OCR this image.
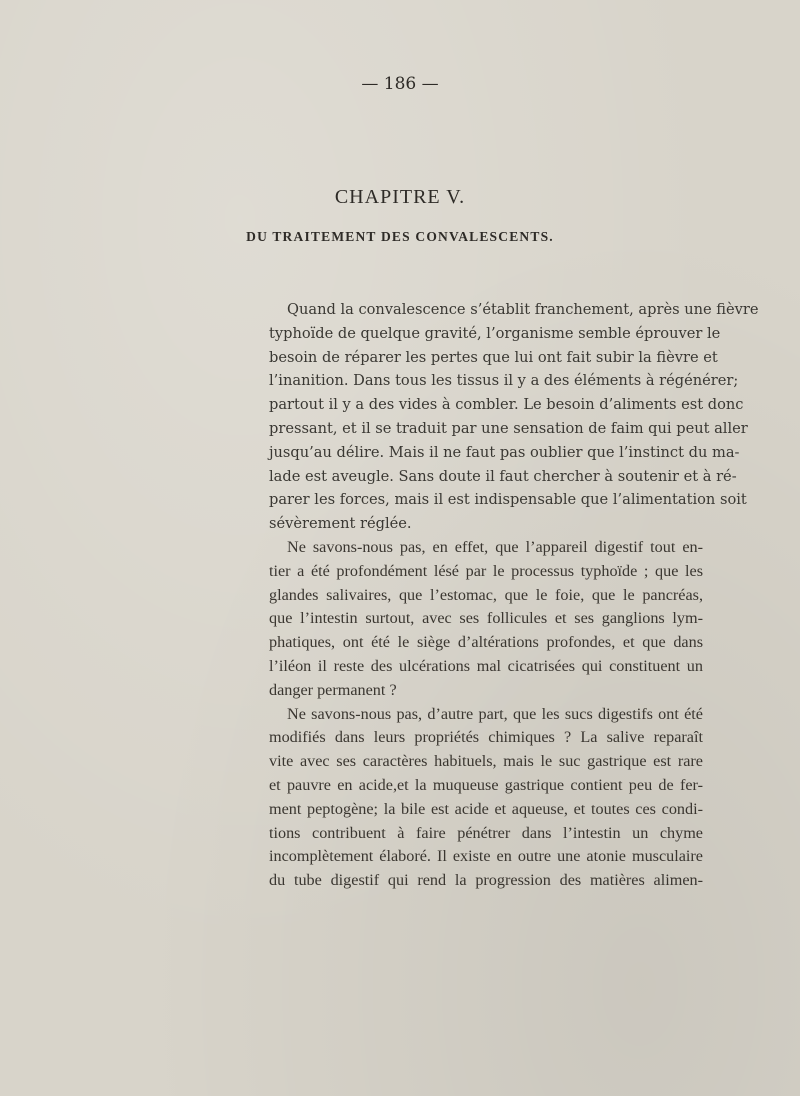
— 186 —
CHAPITRE V.
DU TRAITEMENT DES CONVALESCENTS.
Quand la convalescence s’établit franchement, après une fièvre
typhoïde de quelque gravité, l’organisme semble éprouver le
besoin de réparer les pertes que lui ont fait subir la fièvre et
l’inanition. Dans tous les tissus il y a des éléments à régénérer;
partout il y a des vides à combler. Le besoin d’aliments est donc
pressant, et il se traduit par une sensation de faim qui peut aller
jusqu’au délire. Mais il ne faut pas oublier que l’instinct du ma-
lade est aveugle. Sans doute il faut chercher à soutenir et à ré-
parer les forces, mais il est indispensable que l’alimentation soit
sévèrement réglée.
Ne savons-nous pas, en effet, que l’appareil digestif tout en-
tier a été profondément lésé par le processus typhoïde ; que les
glandes salivaires, que l’estomac, que le foie, que le pancréas,
que l’intestin surtout, avec ses follicules et ses ganglions lym-
phatiques, ont été le siège d’altérations profondes, et que dans
l’iléon il reste des ulcérations mal cicatrisées qui constituent un
danger permanent ?
Ne savons-nous pas, d’autre part, que les sucs digestifs ont été
modifiés dans leurs propriétés chimiques ? La salive reparaît
vite avec ses caractères habituels, mais le suc gastrique est rare
et pauvre en acide,et la muqueuse gastrique contient peu de fer-
ment peptogène; la bile est acide et aqueuse, et toutes ces condi-
tions contribuent à faire pénétrer dans l’intestin un chyme
incomplètement élaboré. Il existe en outre une atonie musculaire
du tube digestif qui rend la progression des matières alimen-
